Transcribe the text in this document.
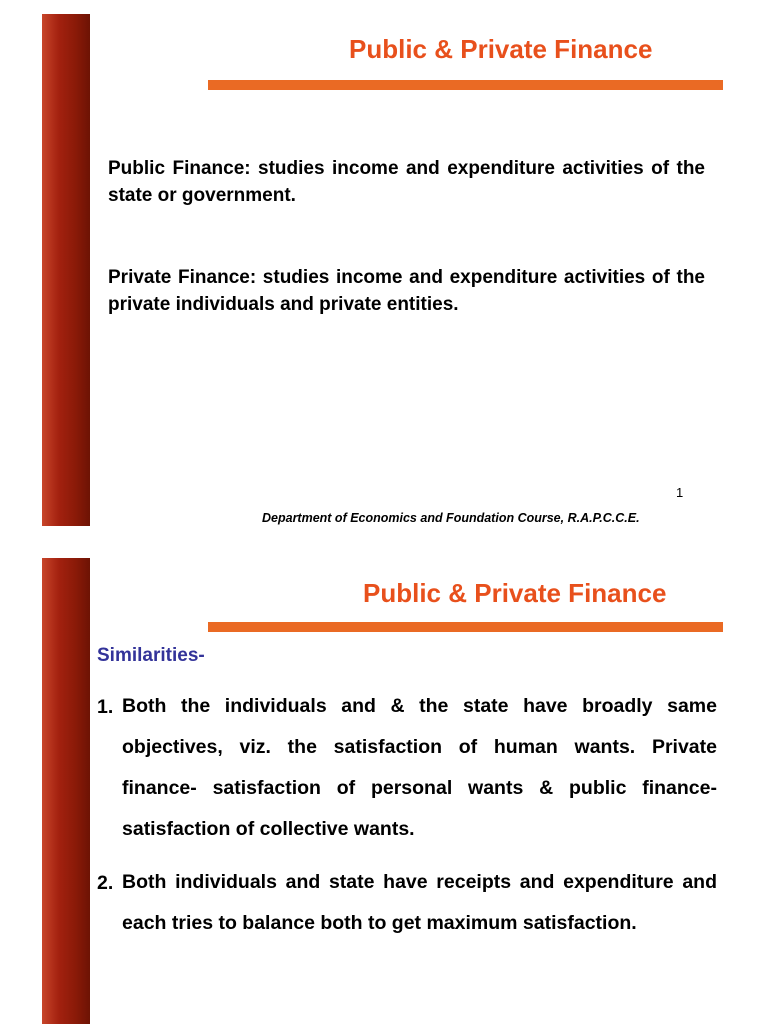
Public & Private Finance
Public Finance: studies income and expenditure activities of the state or government.
Private Finance: studies income and expenditure activities of the private individuals and private entities.
1
Department of Economics and Foundation Course, R.A.P.C.C.E.
Public & Private Finance
Similarities-
1. Both the individuals and & the state have broadly same objectives, viz. the satisfaction of human wants. Private finance- satisfaction of personal wants & public finance- satisfaction of collective wants.
2. Both individuals and state have receipts and expenditure and each tries to balance both to get maximum satisfaction.
